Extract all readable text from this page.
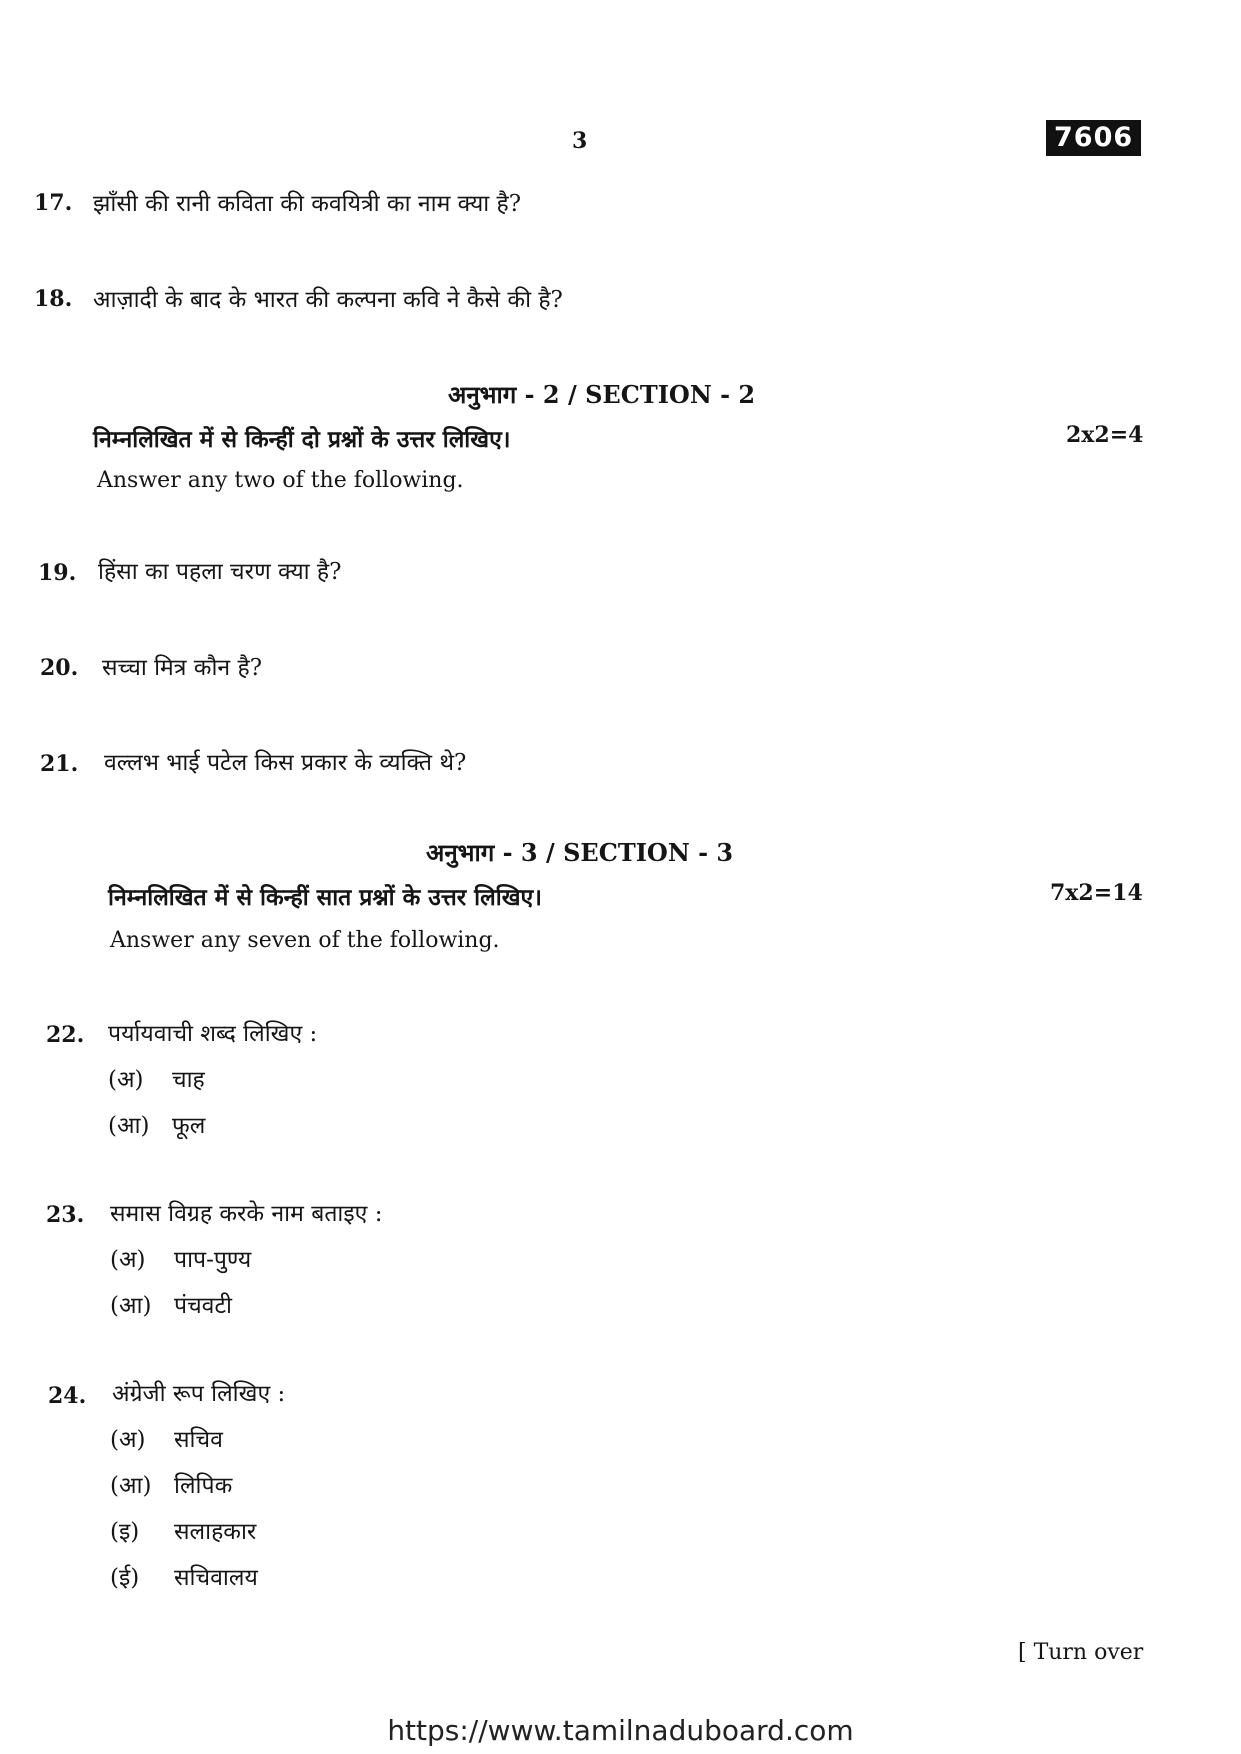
3	7606
17. झाँसी की रानी कविता की कवयित्री का नाम क्या है?
18. आज़ादी के बाद के भारत की कल्पना कवि ने कैसे की है?
अनुभाग - 2 / SECTION - 2
निम्नलिखित में से किन्हीं दो प्रश्नों के उत्तर लिखिए।	2x2=4
Answer any two of the following.
19. हिंसा का पहला चरण क्या है?
20. सच्चा मित्र कौन है?
21. वल्लभ भाई पटेल किस प्रकार के व्यक्ति थे?
अनुभाग - 3 / SECTION - 3
निम्नलिखित में से किन्हीं सात प्रश्नों के उत्तर लिखिए।	7x2=14
Answer any seven of the following.
22. पर्यायवाची शब्द लिखिए :
(अ) चाह
(आ) फूल
23. समास विग्रह करके नाम बताइए :
(अ) पाप-पुण्य
(आ) पंचवटी
24. अंग्रेजी रूप लिखिए :
(अ) सचिव
(आ) लिपिक
(इ) सलाहकार
(ई) सचिवालय
[ Turn over
https://www.tamilnaduboard.com
